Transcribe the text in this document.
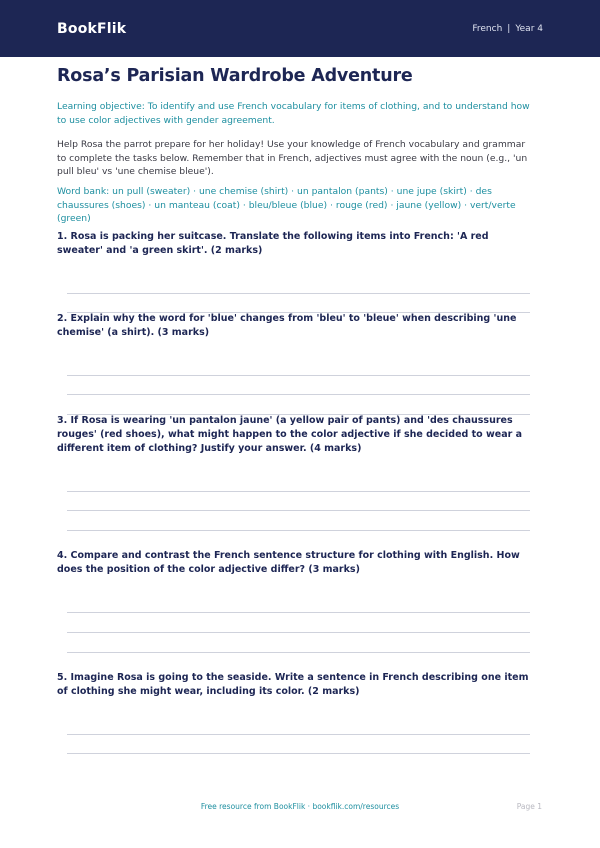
BookFlik	French | Year 4
Rosa’s Parisian Wardrobe Adventure

Learning objective: To identify and use French vocabulary for items of clothing, and to understand how to use color adjectives with gender agreement.

Help Rosa the parrot prepare for her holiday! Use your knowledge of French vocabulary and grammar to complete the tasks below. Remember that in French, adjectives must agree with the noun (e.g., 'un pull bleu' vs 'une chemise bleue').

Word bank: un pull (sweater) · une chemise (shirt) · un pantalon (pants) · une jupe (skirt) · des chaussures (shoes) · un manteau (coat) · bleu/bleue (blue) · rouge (red) · jaune (yellow) · vert/verte (green)

1. Rosa is packing her suitcase. Translate the following items into French: 'A red sweater' and 'a green skirt'. (2 marks)

2. Explain why the word for 'blue' changes from 'bleu' to 'bleue' when describing 'une chemise' (a shirt). (3 marks)

3. If Rosa is wearing 'un pantalon jaune' (a yellow pair of pants) and 'des chaussures rouges' (red shoes), what might happen to the color adjective if she decided to wear a different item of clothing? Justify your answer. (4 marks)

4. Compare and contrast the French sentence structure for clothing with English. How does the position of the color adjective differ? (3 marks)

5. Imagine Rosa is going to the seaside. Write a sentence in French describing one item of clothing she might wear, including its color. (2 marks)

Free resource from BookFlik · bookflik.com/resources	Page 1
